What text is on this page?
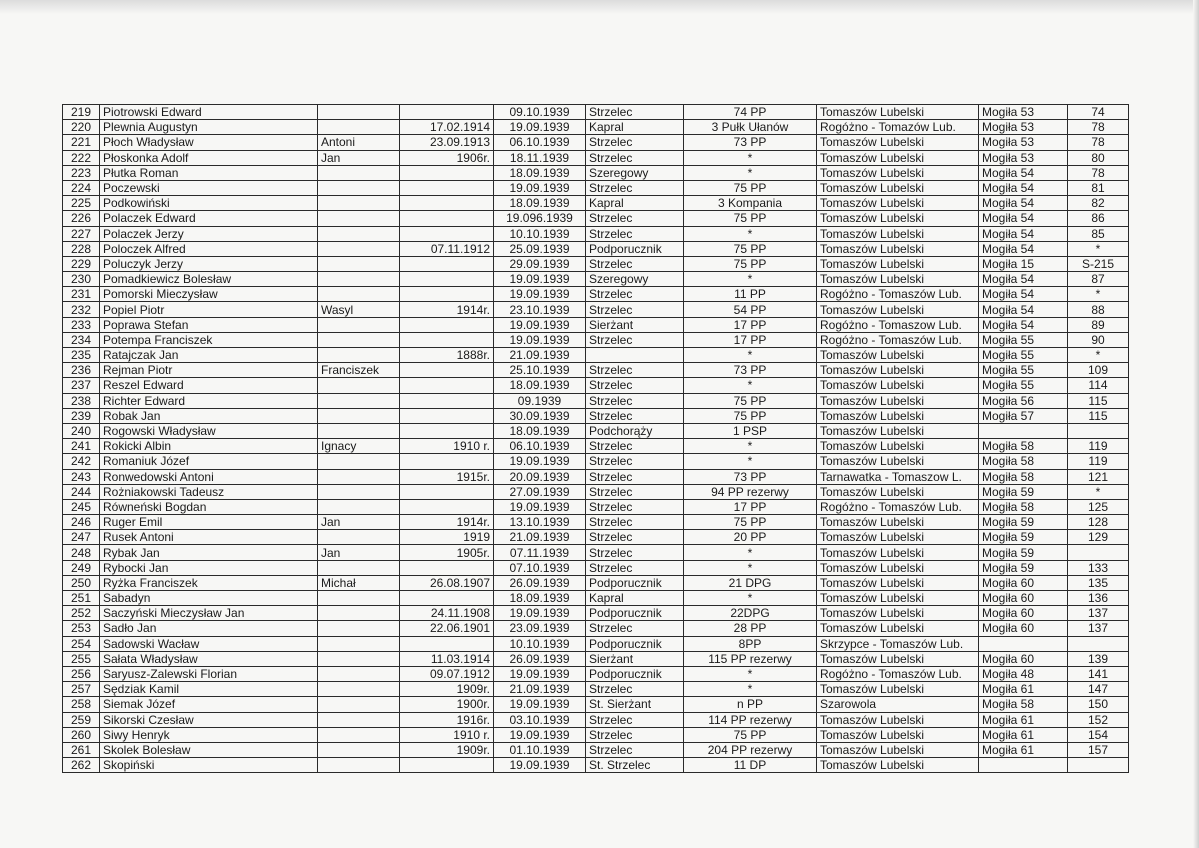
219	Piotrowski Edward			09.10.1939	Strzelec	74 PP	Tomaszów Lubelski	Mogiła 53	74
220	Plewnia Augustyn		17.02.1914	19.09.1939	Kapral	3 Pułk Ułanów	Rogóżno - Tomazów Lub.	Mogiła 53	78
221	Płoch Władysław	Antoni	23.09.1913	06.10.1939	Strzelec	73 PP	Tomaszów Lubelski	Mogiła 53	78
222	Płoskonka Adolf	Jan	1906r.	18.11.1939	Strzelec	*	Tomaszów Lubelski	Mogiła 53	80
223	Płutka Roman			18.09.1939	Szeregowy	*	Tomaszów Lubelski	Mogiła 54	78
224	Poczewski			19.09.1939	Strzelec	75 PP	Tomaszów Lubelski	Mogiła 54	81
225	Podkowiński			18.09.1939	Kapral	3 Kompania	Tomaszów Lubelski	Mogiła 54	82
226	Polaczek Edward			19.096.1939	Strzelec	75 PP	Tomaszów Lubelski	Mogiła 54	86
227	Polaczek Jerzy			10.10.1939	Strzelec	*	Tomaszów Lubelski	Mogiła 54	85
228	Poloczek Alfred		07.11.1912	25.09.1939	Podporucznik	75 PP	Tomaszów Lubelski	Mogiła 54	*
229	Poluczyk Jerzy			29.09.1939	Strzelec	75 PP	Tomaszów Lubelski	Mogiła 15	S-215
230	Pomadkiewicz Bolesław			19.09.1939	Szeregowy	*	Tomaszów Lubelski	Mogiła 54	87
231	Pomorski Mieczysław			19.09.1939	Strzelec	11 PP	Rogóżno - Tomaszów Lub.	Mogiła 54	*
232	Popiel Piotr	Wasyl	1914r.	23.10.1939	Strzelec	54 PP	Tomaszów Lubelski	Mogiła 54	88
233	Poprawa Stefan			19.09.1939	Sierżant	17 PP	Rogóżno - Tomaszow Lub.	Mogiła 54	89
234	Potempa Franciszek			19.09.1939	Strzelec	17 PP	Rogóżno - Tomaszów Lub.	Mogiła 55	90
235	Ratajczak Jan		1888r.	21.09.1939		*	Tomaszów Lubelski	Mogiła 55	*
236	Rejman Piotr	Franciszek		25.10.1939	Strzelec	73 PP	Tomaszów Lubelski	Mogiła 55	109
237	Reszel Edward			18.09.1939	Strzelec	*	Tomaszów Lubelski	Mogiła 55	114
238	Richter Edward			09.1939	Strzelec	75 PP	Tomaszów Lubelski	Mogiła 56	115
239	Robak Jan			30.09.1939	Strzelec	75 PP	Tomaszów Lubelski	Mogiła 57	115
240	Rogowski Władysław			18.09.1939	Podchorąży	1 PSP	Tomaszów Lubelski		
241	Rokicki Albin	Ignacy	1910 r.	06.10.1939	Strzelec	*	Tomaszów Lubelski	Mogiła 58	119
242	Romaniuk Józef			19.09.1939	Strzelec	*	Tomaszów Lubelski	Mogiła 58	119
243	Ronwedowski Antoni		1915r.	20.09.1939	Strzelec	73 PP	Tarnawatka - Tomaszow L.	Mogiła 58	121
244	Rożniakowski Tadeusz			27.09.1939	Strzelec	94 PP rezerwy	Tomaszów Lubelski	Mogiła 59	*
245	Równeński Bogdan			19.09.1939	Strzelec	17 PP	Rogóżno - Tomaszów Lub.	Mogiła 58	125
246	Ruger Emil	Jan	1914r.	13.10.1939	Strzelec	75 PP	Tomaszów Lubelski	Mogiła 59	128
247	Rusek Antoni		1919	21.09.1939	Strzelec	20 PP	Tomaszów Lubelski	Mogiła 59	129
248	Rybak Jan	Jan	1905r.	07.11.1939	Strzelec	*	Tomaszów Lubelski	Mogiła 59	
249	Rybocki Jan			07.10.1939	Strzelec	*	Tomaszów Lubelski	Mogiła 59	133
250	Ryżka Franciszek	Michał	26.08.1907	26.09.1939	Podporucznik	21 DPG	Tomaszów Lubelski	Mogiła 60	135
251	Sabadyn			18.09.1939	Kapral	*	Tomaszów Lubelski	Mogiła 60	136
252	Saczyński Mieczysław Jan		24.11.1908	19.09.1939	Podporucznik	22DPG	Tomaszów Lubelski	Mogiła 60	137
253	Sadło Jan		22.06.1901	23.09.1939	Strzelec	28 PP	Tomaszów Lubelski	Mogiła 60	137
254	Sadowski Wacław			10.10.1939	Podporucznik	8PP	Skrzypce - Tomaszów Lub.		
255	Sałata Władysław		11.03.1914	26.09.1939	Sierżant	115 PP rezerwy	Tomaszów Lubelski	Mogiła 60	139
256	Saryusz-Zalewski Florian		09.07.1912	19.09.1939	Podporucznik	*	Rogóżno - Tomaszów Lub.	Mogiła 48	141
257	Sędziak Kamil		1909r.	21.09.1939	Strzelec	*	Tomaszów Lubelski	Mogiła 61	147
258	Siemak Józef		1900r.	19.09.1939	St. Sierżant	n PP	Szarowola	Mogiła 58	150
259	Sikorski Czesław		1916r.	03.10.1939	Strzelec	114 PP rezerwy	Tomaszów Lubelski	Mogiła 61	152
260	Siwy Henryk		1910 r.	19.09.1939	Strzelec	75 PP	Tomaszów Lubelski	Mogiła 61	154
261	Skolek Bolesław		1909r.	01.10.1939	Strzelec	204 PP rezerwy	Tomaszów Lubelski	Mogiła 61	157
262	Skopiński			19.09.1939	St. Strzelec	11 DP	Tomaszów Lubelski		
